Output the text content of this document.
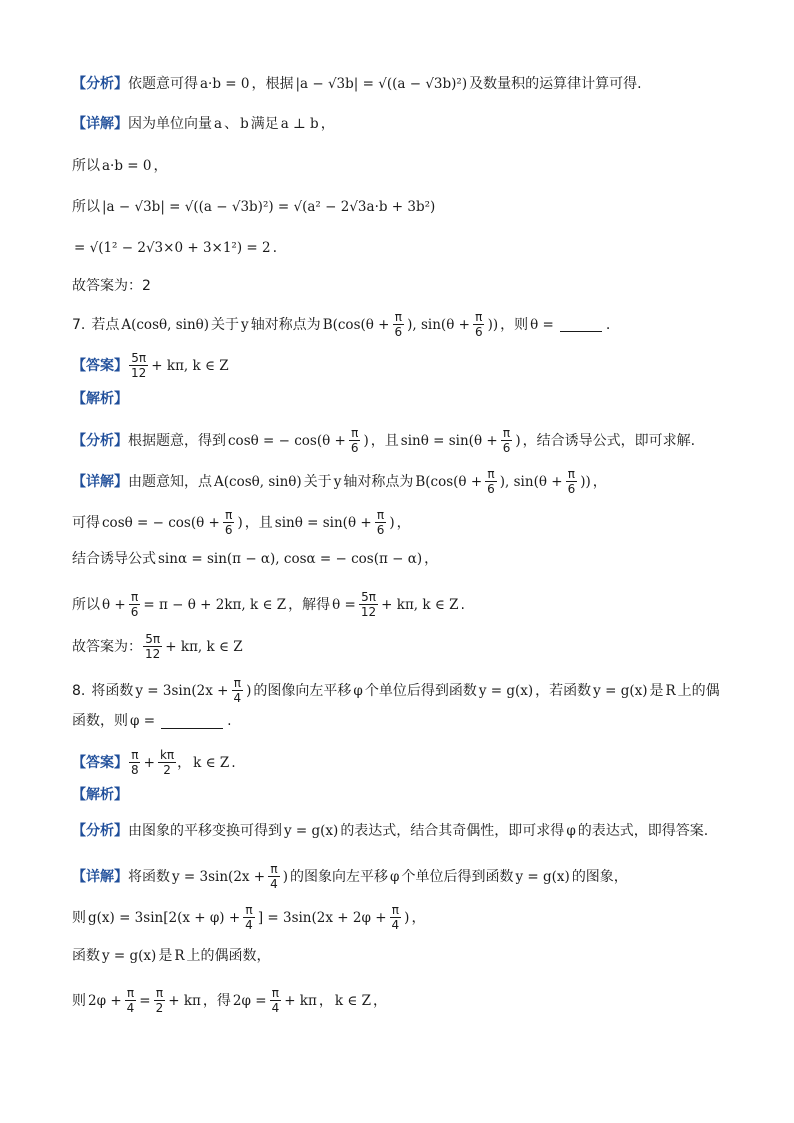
【分析】 依题意可得 a·b = 0 ，根据 |a − √3b| = √((a − √3b)²) 及数量积的运算律计算可得.
【详解】 因为单位向量 a 、 b 满足 a ⊥ b ，
所以 a·b = 0 ，
所以 |a − √3b| = √((a − √3b)²) = √(a² − 2√3a·b + 3b²)
= √(1² − 2√3×0 + 3×1²) = 2 .
故答案为：2
7. 若点 A(cosθ, sinθ) 关于 y 轴对称点为 $B(\cos(\theta + \frac{\pi}{6}$ ), $\sin(\theta + \frac{\pi}{6}$ )) ，则 θ =	.
【答案】 $\frac{5\pi}{12} + k\pi$, k ∈ Z
【解析】
【分析】 根据题意，得到 cosθ = − $\cos(\theta + \frac{\pi}{6}$ ) ，且 $\sin\theta = \sin(\theta + \frac{\pi}{6}$ ) ，结合诱导公式，即可求解.
【详解】 由题意知，点 A(cosθ, sinθ) 关于 y 轴对称点为 $B(\cos(\theta + \frac{\pi}{6}$ ), $\sin(\theta + \frac{\pi}{6}$ )) ，
可得 cosθ = − $\cos(\theta + \frac{\pi}{6}$ ) ，且 $\sin\theta = \sin(\theta + \frac{\pi}{6}$ ) ，
结合诱导公式 sinα = sin(π − α), cosα = − cos(π − α) ，
所以 $\theta + \frac{\pi}{6} = \pi - \theta + 2k\pi$, k ∈ Z ，解得 $\theta = \frac{5\pi}{12} + k\pi$, k ∈ Z .
故答案为： $\frac{5\pi}{12} + k\pi$, k ∈ Z
8. 将函数 $y = 3\sin(2x + \frac{\pi}{4}$ ) 的图像向左平移 φ 个单位后得到函数 y = g(x) ，若函数 y = g(x) 是 R 上的偶
函数，则 φ =	.
【答案】 $\frac{\pi}{8} + \frac{k\pi}{2}$ ， k ∈ Z .
【解析】
【分析】 由图象的平移变换可得到 y = g(x) 的表达式，结合其奇偶性，即可求得 φ 的表达式，即得答案.
【详解】 将函数 $y = 3\sin(2x + \frac{\pi}{4}$ ) 的图象向左平移 φ 个单位后得到函数 y = g(x) 的图象，
则 $g(x) = 3\sin[2(x + \varphi) + \frac{\pi}{4}$ ] = $3\sin(2x + 2\varphi + \frac{\pi}{4}$ ) ，
函数 y = g(x) 是 R 上的偶函数，
则 $2\varphi + \frac{\pi}{4} = \frac{\pi}{2} + k\pi$ ，得 $2\varphi = \frac{\pi}{4} + k\pi$ ， k ∈ Z ，
